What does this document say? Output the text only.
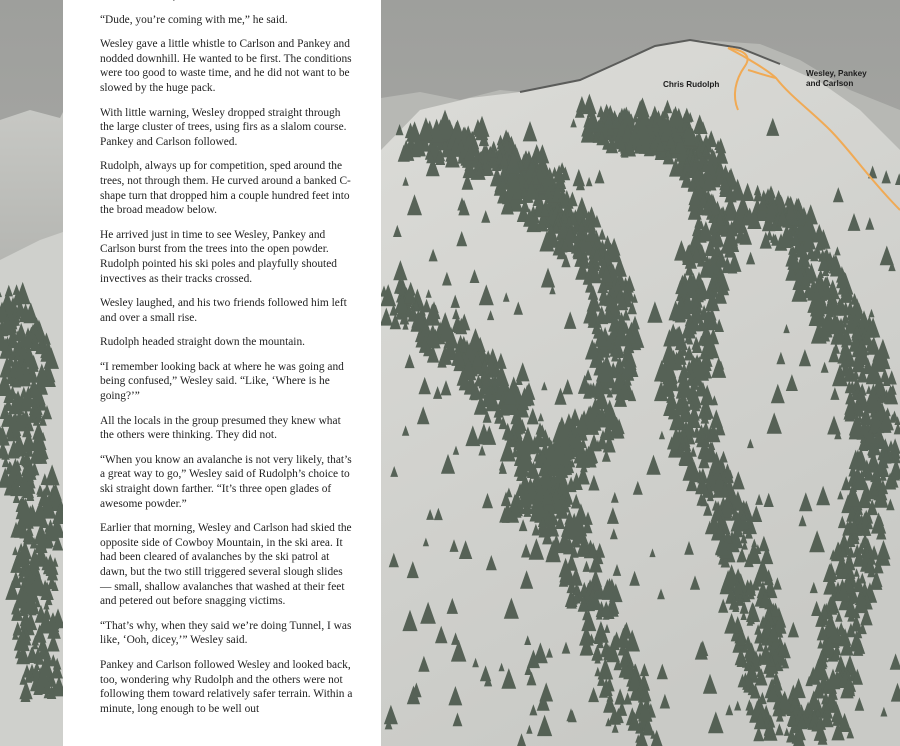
“Dude, you’re coming with me,” he said.

Wesley gave a little whistle to Carlson and Pankey and nodded downhill. He wanted to be first. The conditions were too good to waste time, and he did not want to be slowed by the huge pack.

With little warning, Wesley dropped straight through the large cluster of trees, using firs as a slalom course. Pankey and Carlson followed.

Rudolph, always up for competition, sped around the trees, not through them. He curved around a banked C-shape turn that dropped him a couple hundred feet into the broad meadow below.

He arrived just in time to see Wesley, Pankey and Carlson burst from the trees into the open powder. Rudolph pointed his ski poles and playfully shouted invectives as their tracks crossed.

Wesley laughed, and his two friends followed him left and over a small rise.

Rudolph headed straight down the mountain.

“I remember looking back at where he was going and being confused,” Wesley said. “Like, ‘Where is he going?’”

All the locals in the group presumed they knew what the others were thinking. They did not.

“When you know an avalanche is not very likely, that’s a great way to go,” Wesley said of Rudolph’s choice to ski straight down farther. “It’s three open glades of awesome powder.”

Earlier that morning, Wesley and Carlson had skied the opposite side of Cowboy Mountain, in the ski area. It had been cleared of avalanches by the ski patrol at dawn, but the two still triggered several slough slides — small, shallow avalanches that washed at their feet and petered out before snagging victims.

“That’s why, when they said we’re doing Tunnel, I was like, ‘Ooh, dicey,’” Wesley said.

Pankey and Carlson followed Wesley and looked back, too, wondering why Rudolph and the others were not following them toward relatively safer terrain. Within a minute, long enough to be well out

Chris Rudolph
Wesley, Pankey
and Carlson
